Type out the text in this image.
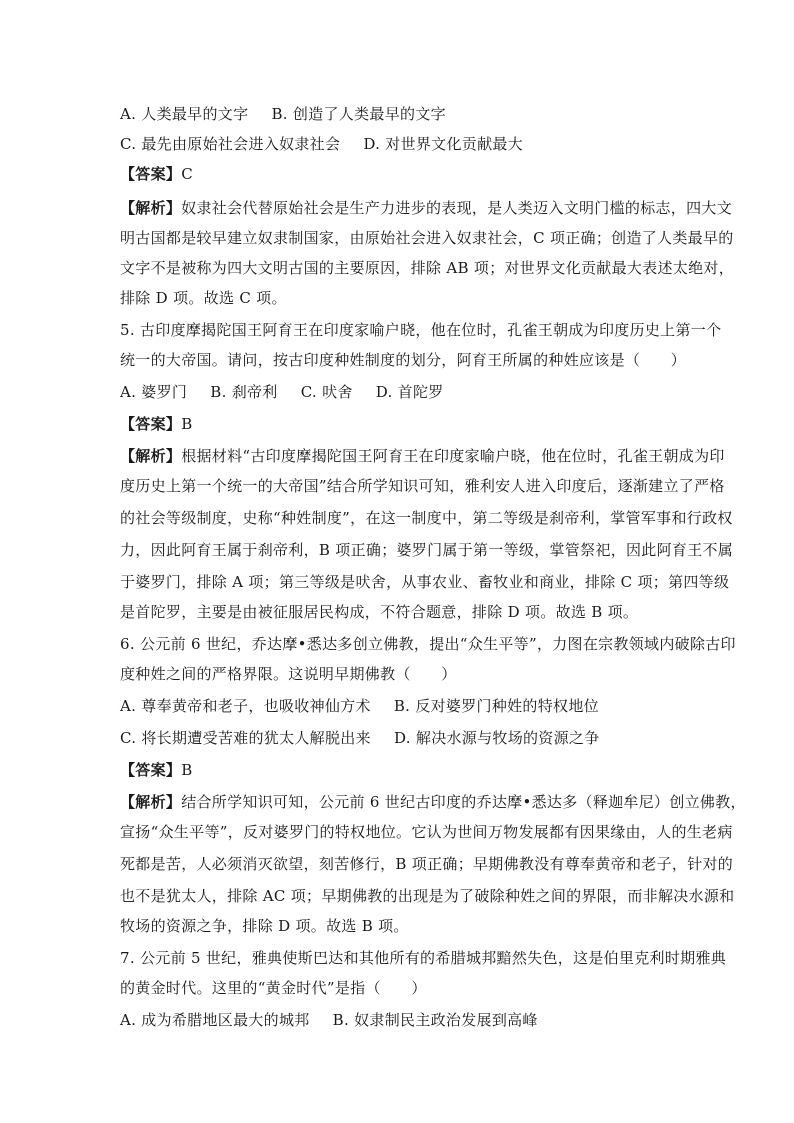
A. 人类最早的文字 B. 创造了人类最早的文字
C. 最先由原始社会进入奴隶社会 D. 对世界文化贡献最大
【答案】C
【解析】奴隶社会代替原始社会是生产力进步的表现，是人类迈入文明门槛的标志，四大文
明古国都是较早建立奴隶制国家，由原始社会进入奴隶社会，C 项正确；创造了人类最早的
文字不是被称为四大文明古国的主要原因，排除 AB 项；对世界文化贡献最大表述太绝对，
排除 D 项。故选 C 项。
5. 古印度摩揭陀国王阿育王在印度家喻户晓，他在位时，孔雀王朝成为印度历史上第一个
统一的大帝国。请问，按古印度种姓制度的划分，阿育王所属的种姓应该是（　　）
A. 婆罗门 B. 刹帝利 C. 吠舍 D. 首陀罗
【答案】B
【解析】根据材料“古印度摩揭陀国王阿育王在印度家喻户晓，他在位时，孔雀王朝成为印
度历史上第一个统一的大帝国”结合所学知识可知，雅利安人进入印度后，逐渐建立了严格
的社会等级制度，史称“种姓制度”，在这一制度中，第二等级是刹帝利，掌管军事和行政权
力，因此阿育王属于刹帝利，B 项正确；婆罗门属于第一等级，掌管祭祀，因此阿育王不属
于婆罗门，排除 A 项；第三等级是吠舍，从事农业、畜牧业和商业，排除 C 项；第四等级
是首陀罗，主要是由被征服居民构成，不符合题意，排除 D 项。故选 B 项。
6. 公元前 6 世纪，乔达摩•悉达多创立佛教，提出“众生平等”，力图在宗教领域内破除古印
度种姓之间的严格界限。这说明早期佛教（　　）
A. 尊奉黄帝和老子，也吸收神仙方术 B. 反对婆罗门种姓的特权地位
C. 将长期遭受苦难的犹太人解脱出来 D. 解决水源与牧场的资源之争
【答案】B
【解析】结合所学知识可知，公元前 6 世纪古印度的乔达摩•悉达多（释迦牟尼）创立佛教，
宣扬“众生平等”，反对婆罗门的特权地位。它认为世间万物发展都有因果缘由，人的生老病
死都是苦，人必须消灭欲望，刻苦修行，B 项正确；早期佛教没有尊奉黄帝和老子，针对的
也不是犹太人，排除 AC 项；早期佛教的出现是为了破除种姓之间的界限，而非解决水源和
牧场的资源之争，排除 D 项。故选 B 项。
7. 公元前 5 世纪，雅典使斯巴达和其他所有的希腊城邦黯然失色，这是伯里克利时期雅典
的黄金时代。这里的“黄金时代”是指（　　）
A. 成为希腊地区最大的城邦 B. 奴隶制民主政治发展到高峰
